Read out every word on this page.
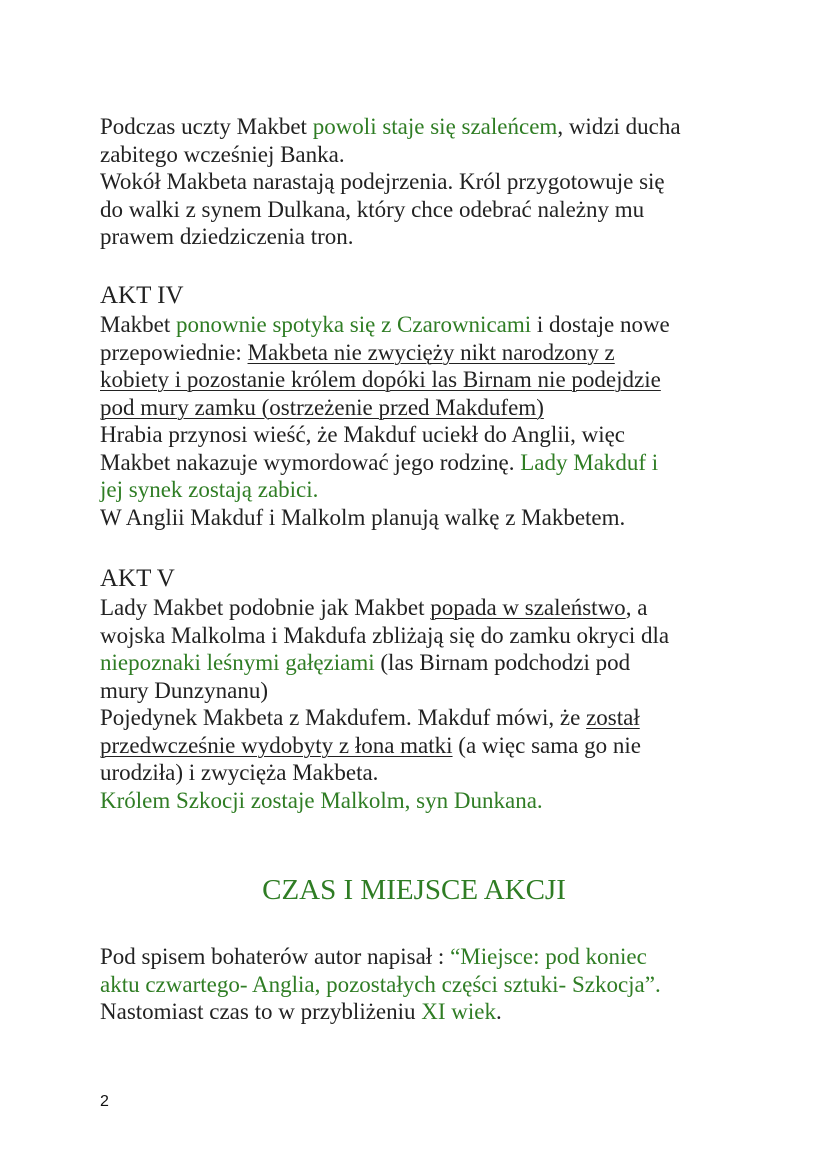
Podczas uczty Makbet powoli staje się szaleńcem, widzi ducha
zabitego wcześniej Banka.
Wokół Makbeta narastają podejrzenia. Król przygotowuje się
do walki z synem Dulkana, który chce odebrać należny mu
prawem dziedziczenia tron.
AKT IV
Makbet ponownie spotyka się z Czarownicami i dostaje nowe
przepowiednie: Makbeta nie zwycięży nikt narodzony z
kobiety i pozostanie królem dopóki las Birnam nie podejdzie
pod mury zamku (ostrzeżenie przed Makdufem)
Hrabia przynosi wieść, że Makduf uciekł do Anglii, więc
Makbet nakazuje wymordować jego rodzinę. Lady Makduf i
jej synek zostają zabici.
W Anglii Makduf i Malkolm planują walkę z Makbetem.
AKT V
Lady Makbet podobnie jak Makbet popada w szaleństwo, a
wojska Malkolma i Makdufa zbliżają się do zamku okryci dla
niepoznaki leśnymi gałęziami (las Birnam podchodzi pod
mury Dunzynanu)
Pojedynek Makbeta z Makdufem. Makduf mówi, że został
przedwcześnie wydobyty z łona matki (a więc sama go nie
urodziła) i zwycięża Makbeta.
Królem Szkocji zostaje Malkolm, syn Dunkana.
Pod spisem bohaterów autor napisał : “Miejsce: pod koniec
aktu czwartego- Anglia, pozostałych części sztuki- Szkocja”.
Nastomiast czas to w przybliżeniu XI wiek.
CZAS I MIEJSCE AKCJI
2
